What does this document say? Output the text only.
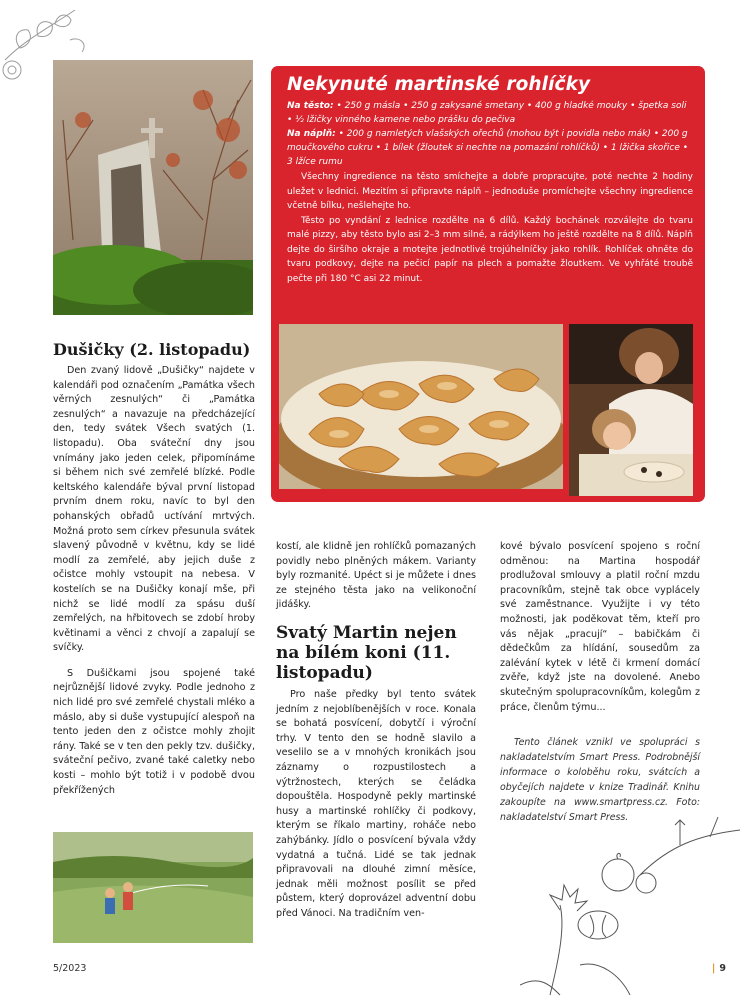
Nekynuté martinské rohlíčky

Na těsto: • 250 g másla • 250 g zakysané smetany • 400 g hladké mouky • špetka soli • ½ lžičky vinného kamene nebo prášku do pečiva
Na náplň: • 200 g namletých vlašských ořechů (mohou být i povidla nebo mák) • 200 g moučkového cukru • 1 bílek (žloutek si nechte na pomazání rohlíčků) • 1 lžička skořice • 3 lžíce rumu

Všechny ingredience na těsto smíchejte a dobře propracujte, poté nechte 2 hodiny uležet v lednici. Mezitím si připravte náplň – jednoduše promíchejte všechny ingredience včetně bílku, nešlehejte ho.

Těsto po vyndání z lednice rozdělte na 6 dílů. Každý bochánek rozválejte do tvaru malé pizzy, aby těsto bylo asi 2–3 mm silné, a rádýlkem ho ještě rozdělte na 8 dílů. Náplň dejte do širšího okraje a motejte jednotlivé trojúhelníčky jako rohlík. Rohlíček ohněte do tvaru podkovy, dejte na pečicí papír na plech a pomažte žloutkem. Ve vyhřáté troubě pečte při 180 °C asi 22 minut.

Dušičky (2. listopadu)

Den zvaný lidově „Dušičky“ najdete v kalendáři pod označením „Památka všech věrných zesnulých“ či „Památka zesnulých“ a navazuje na předcházející den, tedy svátek Všech svatých (1. listopadu). Oba sváteční dny jsou vnímány jako jeden celek, připomínáme si během nich své zemřelé blízké. Podle keltského kalendáře býval první listopad prvním dnem roku, navíc to byl den pohanských obřadů uctívání mrtvých. Možná proto sem církev přesunula svátek slavený původně v květnu, kdy se lidé modlí za zemřelé, aby jejich duše z očistce mohly vstoupit na nebesa. V kostelích se na Dušičky konají mše, při nichž se lidé modlí za spásu duší zemřelých, na hřbitovech se zdobí hroby květinami a věnci z chvojí a zapalují se svíčky.

S Dušičkami jsou spojené také nejrůznější lidové zvyky. Podle jednoho z nich lidé pro své zemřelé chystali mléko a máslo, aby si duše vystupující alespoň na tento jeden den z očistce mohly zhojit rány. Také se v ten den pekly tzv. dušičky, sváteční pečivo, zvané také caletky nebo kosti – mohlo být totiž i v podobě dvou překřížených

kostí, ale klidně jen rohlíčků pomazaných povidly nebo plněných mákem. Varianty byly rozmanité. Upéct si je můžete i dnes ze stejného těsta jako na velikonoční jidášky.

Svatý Martin nejen na bílém koni (11. listopadu)

Pro naše předky byl tento svátek jedním z nejoblíbenějších v roce. Konala se bohatá posvícení, dobytčí i výroční trhy. V tento den se hodně slavilo a veselilo se a v mnohých kronikách jsou záznamy o rozpustilostech a výtržnostech, kterých se čeládka dopouštěla. Hospodyně pekly martinské husy a martinské rohlíčky či podkovy, kterým se říkalo martiny, roháče nebo zahýbánky. Jídlo o posvícení bývala vždy vydatná a tučná. Lidé se tak jednak připravovali na dlouhé zimní měsíce, jednak měli možnost posílit se před půstem, který doprovázel adventní dobu před Vánoci. Na tradičním ven-

kové bývalo posvícení spojeno s roční odměnou: na Martina hospodář prodlužoval smlouvy a platil roční mzdu pracovníkům, stejně tak obce vyplácely své zaměstnance. Využijte i vy této možnosti, jak poděkovat těm, kteří pro vás nějak „pracují“ – babičkám či dědečkům za hlídání, sousedům za zalévání kytek v létě či krmení domácí zvěře, když jste na dovolené. Anebo skutečným spolupracovníkům, kolegům z práce, členům týmu...

Tento článek vznikl ve spolupráci s nakladatelstvím Smart Press. Podrobnější informace o koloběhu roku, svátcích a obyčejích najdete v knize Tradinář. Knihu zakoupíte na www.smartpress.cz. Foto: nakladatelství Smart Press.

5/2023	| 9
